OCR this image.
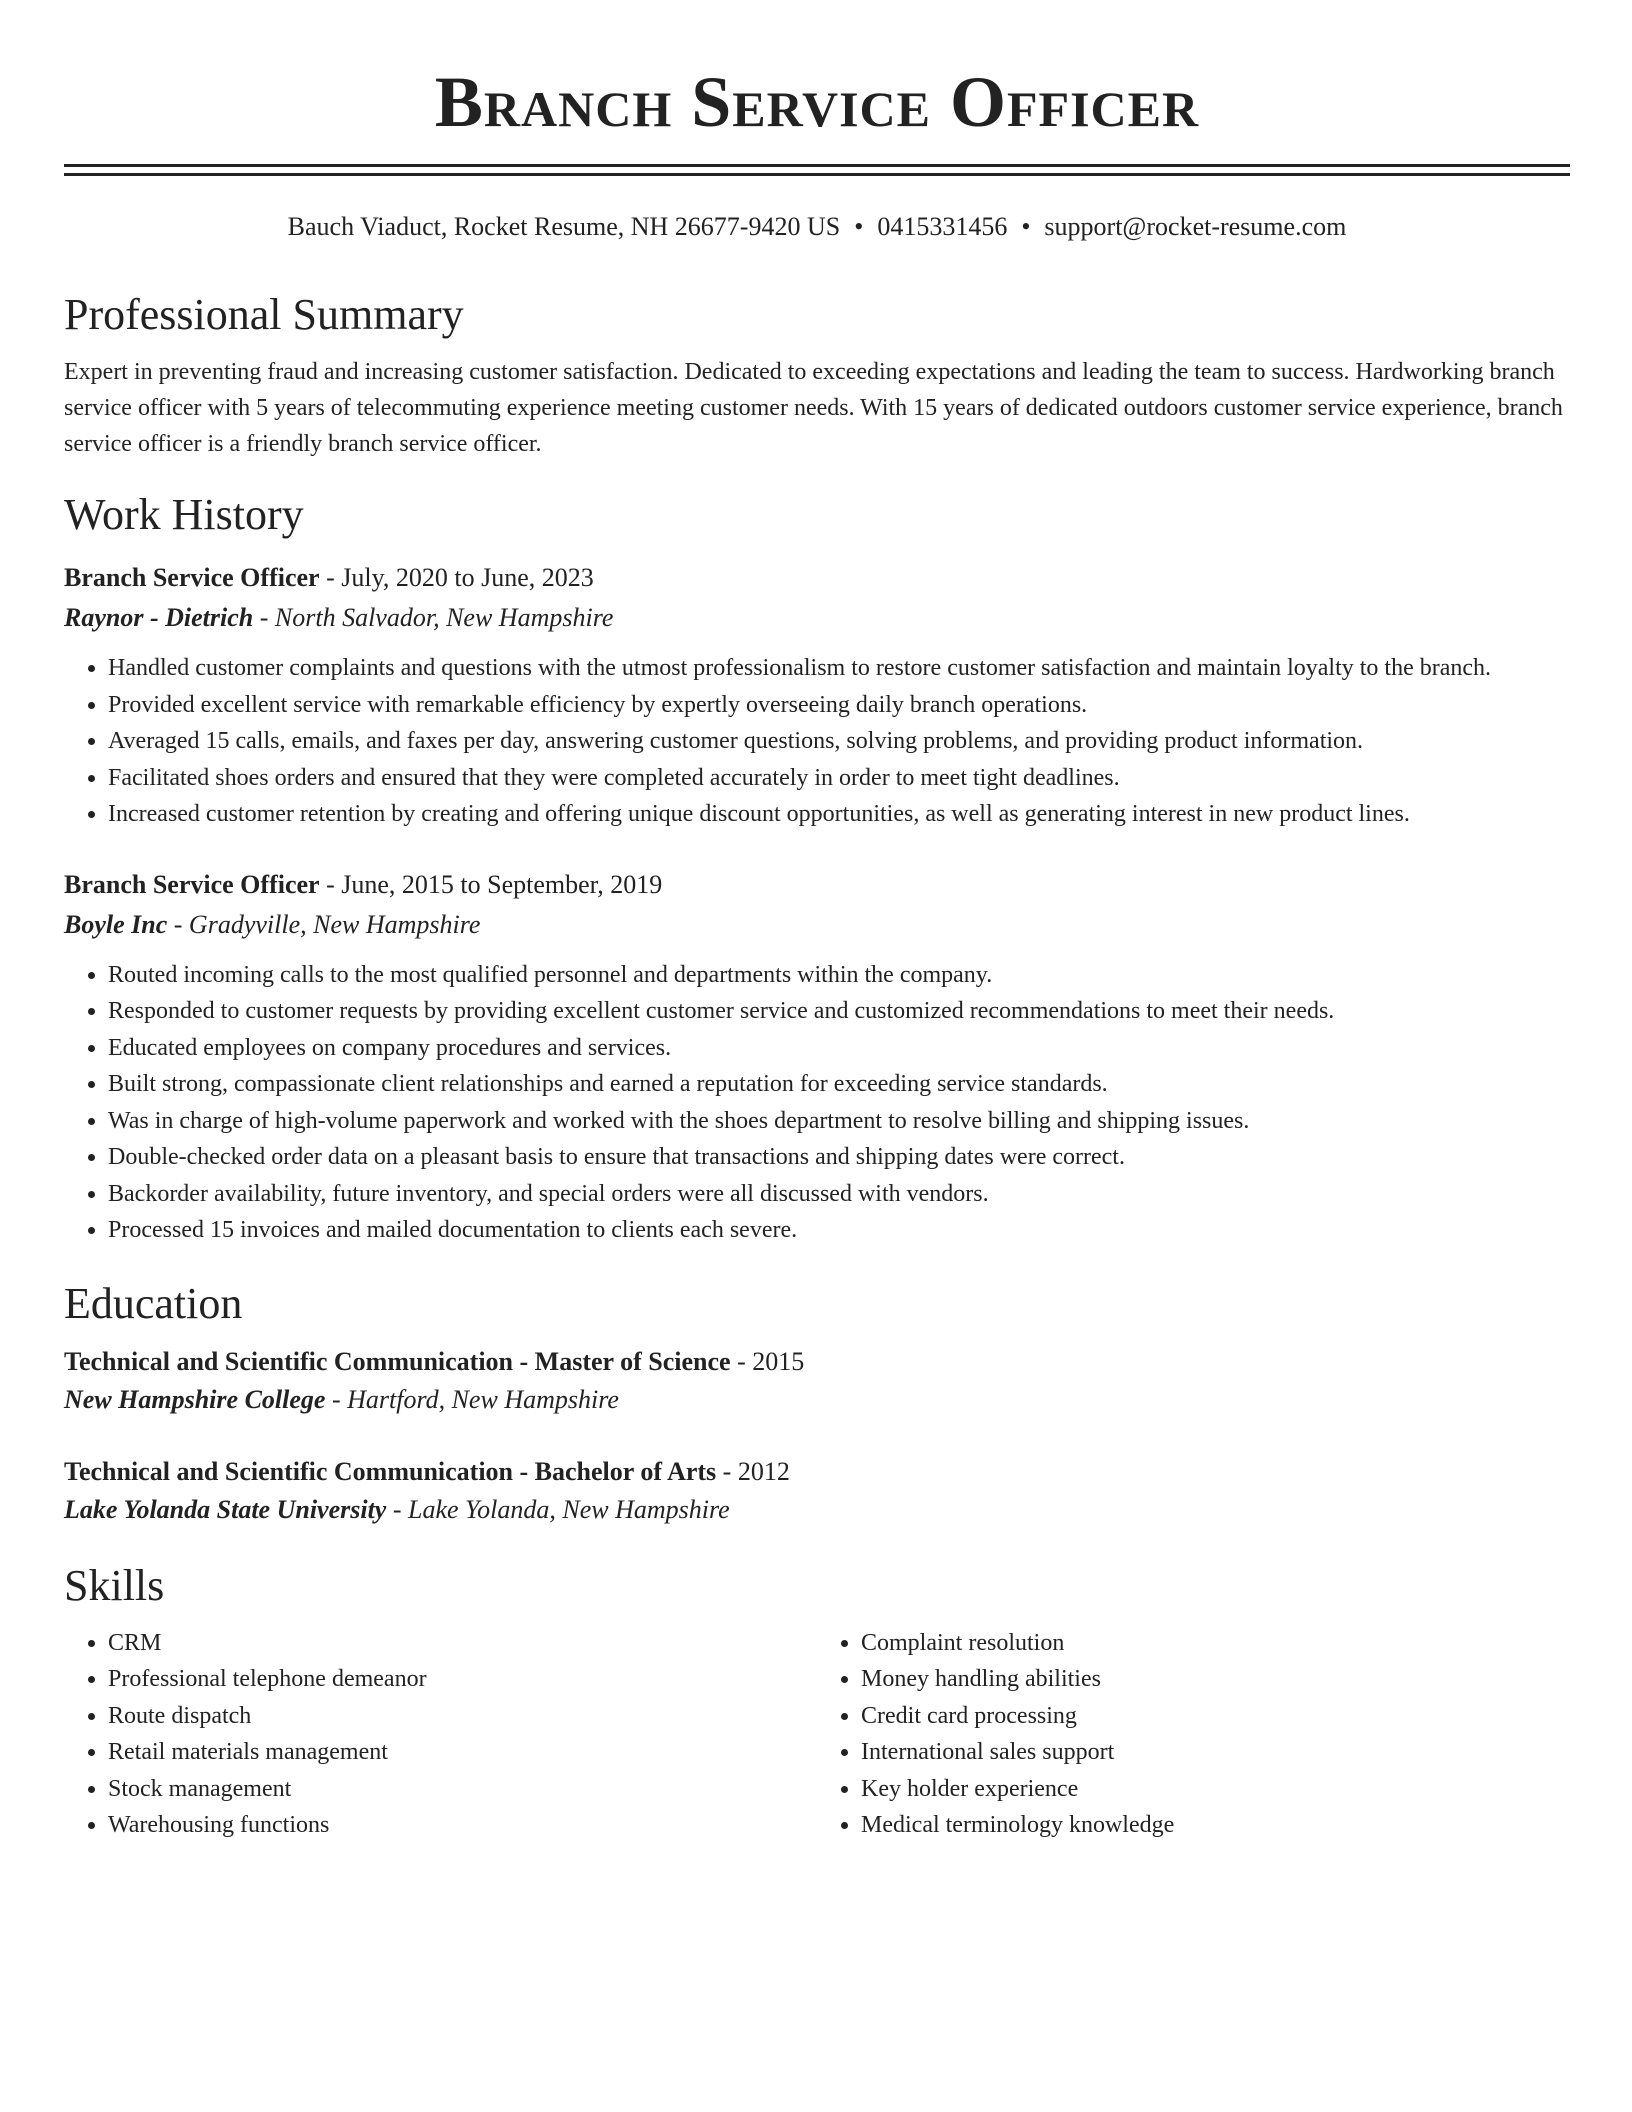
Branch Service Officer
Bauch Viaduct, Rocket Resume, NH 26677-9420 US • 0415331456 • support@rocket-resume.com
Professional Summary
Expert in preventing fraud and increasing customer satisfaction. Dedicated to exceeding expectations and leading the team to success. Hardworking branch service officer with 5 years of telecommuting experience meeting customer needs. With 15 years of dedicated outdoors customer service experience, branch service officer is a friendly branch service officer.
Work History
Branch Service Officer - July, 2020 to June, 2023
Raynor - Dietrich - North Salvador, New Hampshire
• Handled customer complaints and questions with the utmost professionalism to restore customer satisfaction and maintain loyalty to the branch.
• Provided excellent service with remarkable efficiency by expertly overseeing daily branch operations.
• Averaged 15 calls, emails, and faxes per day, answering customer questions, solving problems, and providing product information.
• Facilitated shoes orders and ensured that they were completed accurately in order to meet tight deadlines.
• Increased customer retention by creating and offering unique discount opportunities, as well as generating interest in new product lines.
Branch Service Officer - June, 2015 to September, 2019
Boyle Inc - Gradyville, New Hampshire
• Routed incoming calls to the most qualified personnel and departments within the company.
• Responded to customer requests by providing excellent customer service and customized recommendations to meet their needs.
• Educated employees on company procedures and services.
• Built strong, compassionate client relationships and earned a reputation for exceeding service standards.
• Was in charge of high-volume paperwork and worked with the shoes department to resolve billing and shipping issues.
• Double-checked order data on a pleasant basis to ensure that transactions and shipping dates were correct.
• Backorder availability, future inventory, and special orders were all discussed with vendors.
• Processed 15 invoices and mailed documentation to clients each severe.
Education
Technical and Scientific Communication - Master of Science - 2015
New Hampshire College - Hartford, New Hampshire
Technical and Scientific Communication - Bachelor of Arts - 2012
Lake Yolanda State University - Lake Yolanda, New Hampshire
Skills
• CRM
• Professional telephone demeanor
• Route dispatch
• Retail materials management
• Stock management
• Warehousing functions
• Complaint resolution
• Money handling abilities
• Credit card processing
• International sales support
• Key holder experience
• Medical terminology knowledge
